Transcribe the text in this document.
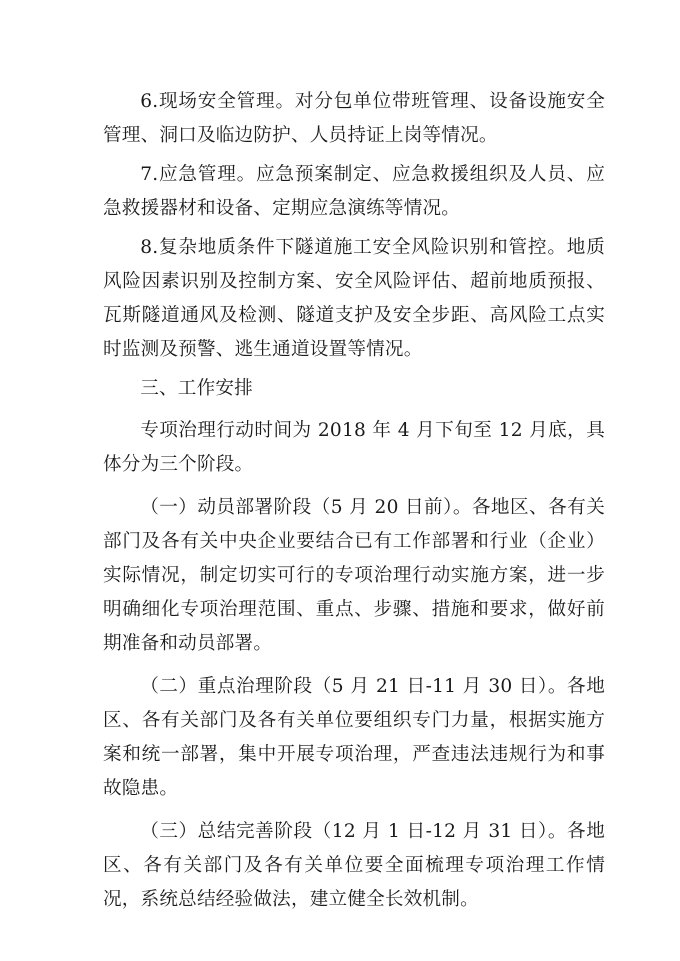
6.现场安全管理。对分包单位带班管理、设备设施安全管理、洞口及临边防护、人员持证上岗等情况。

7.应急管理。应急预案制定、应急救援组织及人员、应急救援器材和设备、定期应急演练等情况。

8.复杂地质条件下隧道施工安全风险识别和管控。地质风险因素识别及控制方案、安全风险评估、超前地质预报、瓦斯隧道通风及检测、隧道支护及安全步距、高风险工点实时监测及预警、逃生通道设置等情况。

三、工作安排

专项治理行动时间为 2018 年 4 月下旬至 12 月底，具体分为三个阶段。

（一）动员部署阶段（5 月 20 日前）。各地区、各有关部门及各有关中央企业要结合已有工作部署和行业（企业）实际情况，制定切实可行的专项治理行动实施方案，进一步明确细化专项治理范围、重点、步骤、措施和要求，做好前期准备和动员部署。

（二）重点治理阶段（5 月 21 日-11 月 30 日）。各地区、各有关部门及各有关单位要组织专门力量，根据实施方案和统一部署，集中开展专项治理，严查违法违规行为和事故隐患。

（三）总结完善阶段（12 月 1 日-12 月 31 日）。各地区、各有关部门及各有关单位要全面梳理专项治理工作情况，系统总结经验做法，建立健全长效机制。
